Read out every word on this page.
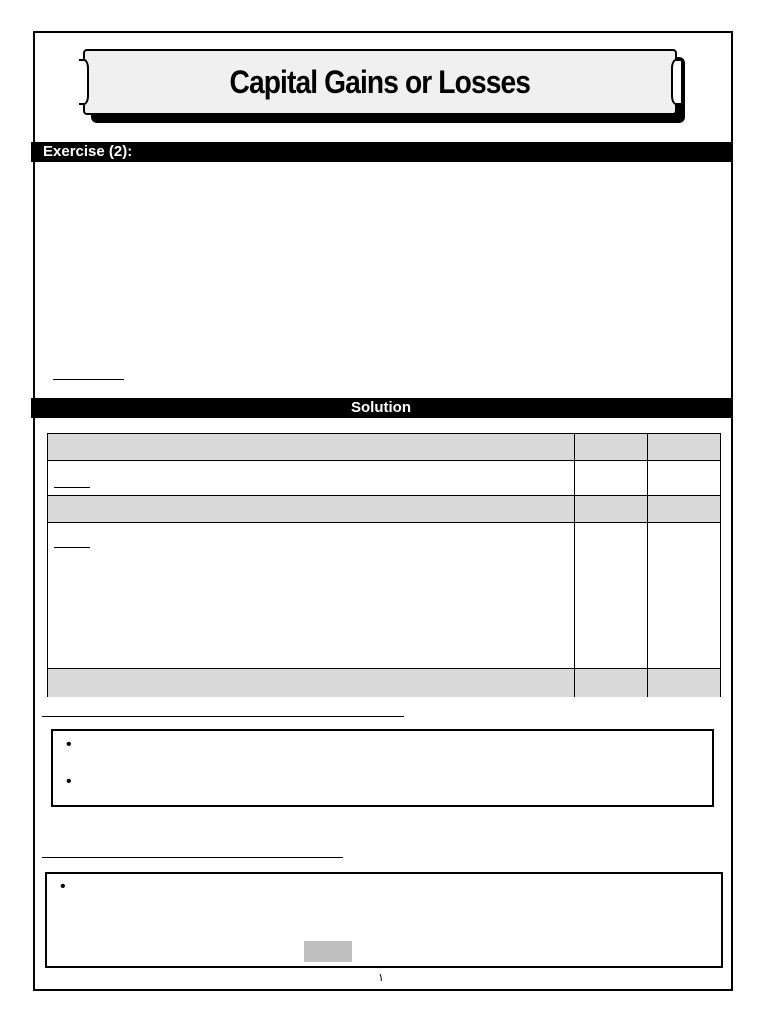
Capital Gains or Losses
Exercise (2):
Solution

•
•
•
١
